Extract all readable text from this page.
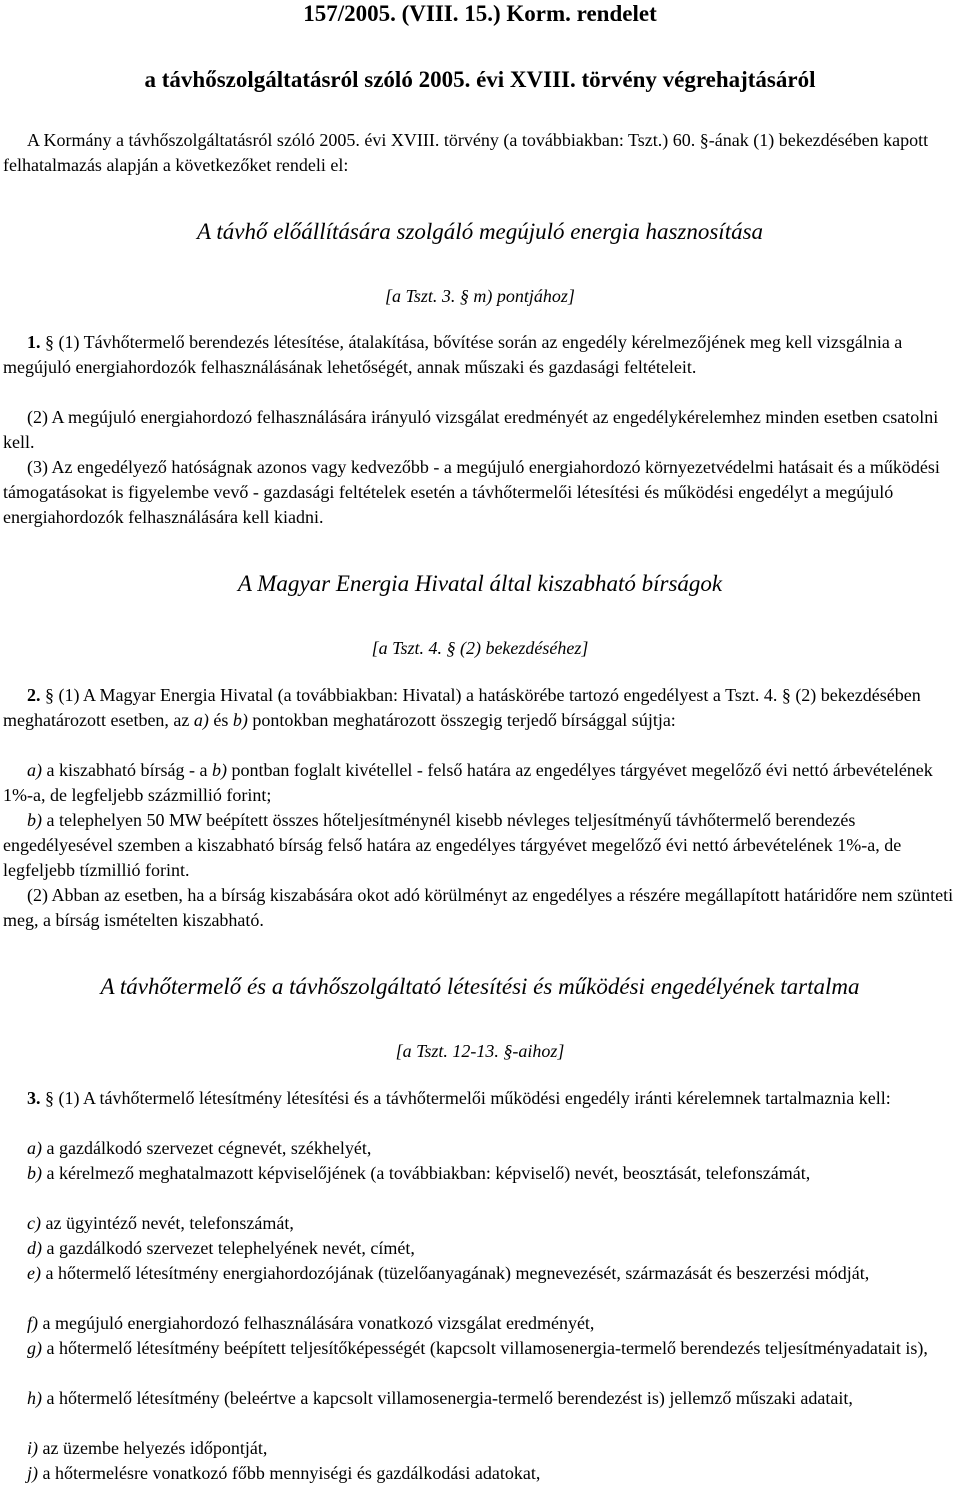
157/2005. (VIII. 15.) Korm. rendelet
a távhőszolgáltatásról szóló 2005. évi XVIII. törvény végrehajtásáról

A Kormány a távhőszolgáltatásról szóló 2005. évi XVIII. törvény (a továbbiakban: Tszt.) 60. §-ának (1) bekezdésében kapott felhatalmazás alapján a következőket rendeli el:

A távhő előállítására szolgáló megújuló energia hasznosítása
[a Tszt. 3. § m) pontjához]

1. § (1) Távhőtermelő berendezés létesítése, átalakítása, bővítése során az engedély kérelmezőjének meg kell vizsgálnia a megújuló energiahordozók felhasználásának lehetőségét, annak műszaki és gazdasági feltételeit.

(2) A megújuló energiahordozó felhasználására irányuló vizsgálat eredményét az engedélykérelemhez minden esetben csatolni kell.

(3) Az engedélyező hatóságnak azonos vagy kedvezőbb - a megújuló energiahordozó környezetvédelmi hatásait és a működési támogatásokat is figyelembe vevő - gazdasági feltételek esetén a távhőtermelői létesítési és működési engedélyt a megújuló energiahordozók felhasználására kell kiadni.

A Magyar Energia Hivatal által kiszabható bírságok
[a Tszt. 4. § (2) bekezdéséhez]

2. § (1) A Magyar Energia Hivatal (a továbbiakban: Hivatal) a hatáskörébe tartozó engedélyest a Tszt. 4. § (2) bekezdésében meghatározott esetben, az a) és b) pontokban meghatározott összegig terjedő bírsággal sújtja:

a) a kiszabható bírság - a b) pontban foglalt kivétellel - felső határa az engedélyes tárgyévet megelőző évi nettó árbevételének 1%-a, de legfeljebb százmillió forint;

b) a telephelyen 50 MW beépített összes hőteljesítménynél kisebb névleges teljesítményű távhőtermelő berendezés engedélyesével szemben a kiszabható bírság felső határa az engedélyes tárgyévet megelőző évi nettó árbevételének 1%-a, de legfeljebb tízmillió forint.

(2) Abban az esetben, ha a bírság kiszabására okot adó körülményt az engedélyes a részére megállapított határidőre nem szünteti meg, a bírság ismételten kiszabható.

A távhőtermelő és a távhőszolgáltató létesítési és működési engedélyének tartalma
[a Tszt. 12-13. §-aihoz]

3. § (1) A távhőtermelő létesítmény létesítési és a távhőtermelői működési engedély iránti kérelemnek tartalmaznia kell:

a) a gazdálkodó szervezet cégnevét, székhelyét,

b) a kérelmező meghatalmazott képviselőjének (a továbbiakban: képviselő) nevét, beosztását, telefonszámát,

c) az ügyintéző nevét, telefonszámát,

d) a gazdálkodó szervezet telephelyének nevét, címét,

e) a hőtermelő létesítmény energiahordozójának (tüzelőanyagának) megnevezését, származását és beszerzési módját,

f) a megújuló energiahordozó felhasználására vonatkozó vizsgálat eredményét,

g) a hőtermelő létesítmény beépített teljesítőképességét (kapcsolt villamosenergia-termelő berendezés teljesítményadatait is),

h) a hőtermelő létesítmény (beleértve a kapcsolt villamosenergia-termelő berendezést is) jellemző műszaki adatait,

i) az üzembe helyezés időpontját,

j) a hőtermelésre vonatkozó főbb mennyiségi és gazdálkodási adatokat,
